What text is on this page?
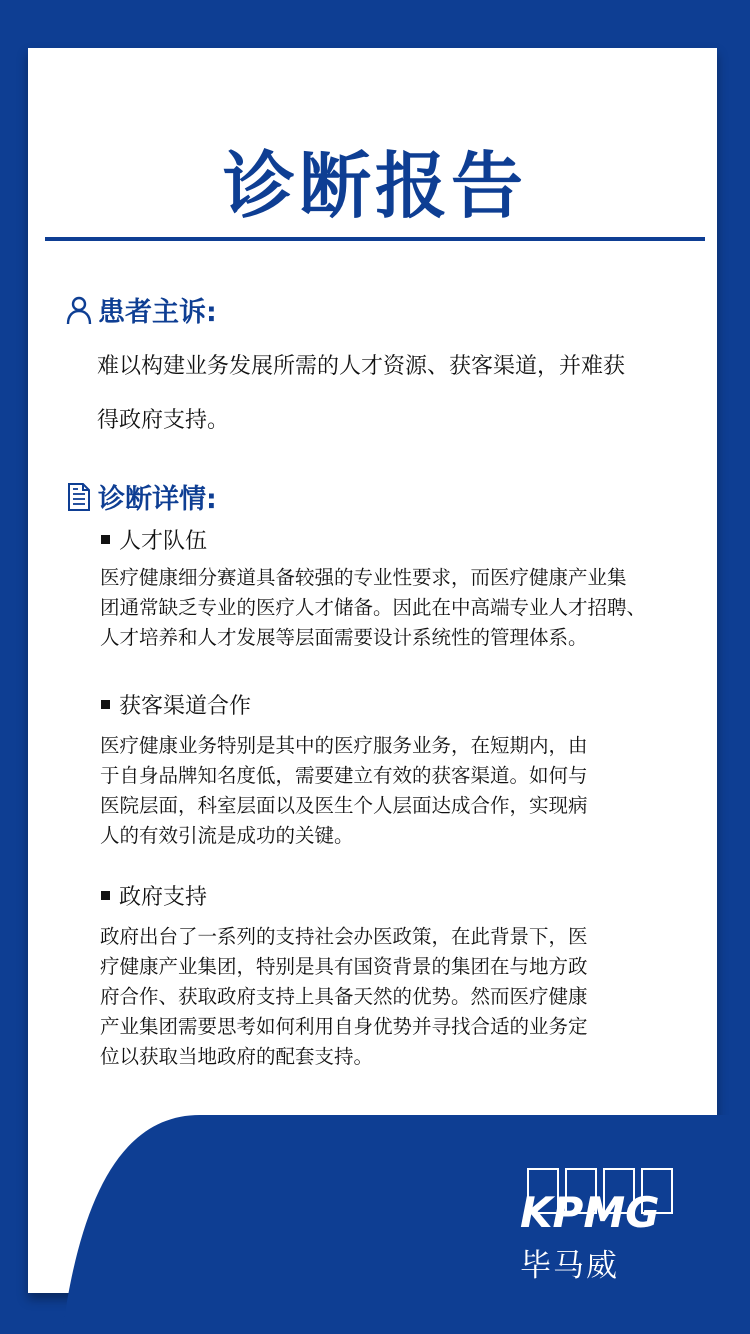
诊断报告
患者主诉:
难以构建业务发展所需的人才资源、获客渠道，并难获
得政府支持。
诊断详情:
人才队伍
医疗健康细分赛道具备较强的专业性要求，而医疗健康产业集
团通常缺乏专业的医疗人才储备。因此在中高端专业人才招聘、
人才培养和人才发展等层面需要设计系统性的管理体系。
获客渠道合作
医疗健康业务特别是其中的医疗服务业务，在短期内，由
于自身品牌知名度低，需要建立有效的获客渠道。如何与
医院层面，科室层面以及医生个人层面达成合作，实现病
人的有效引流是成功的关键。
政府支持
政府出台了一系列的支持社会办医政策，在此背景下，医
疗健康产业集团，特别是具有国资背景的集团在与地方政
府合作、获取政府支持上具备天然的优势。然而医疗健康
产业集团需要思考如何利用自身优势并寻找合适的业务定
位以获取当地政府的配套支持。
KPMG
毕马威
